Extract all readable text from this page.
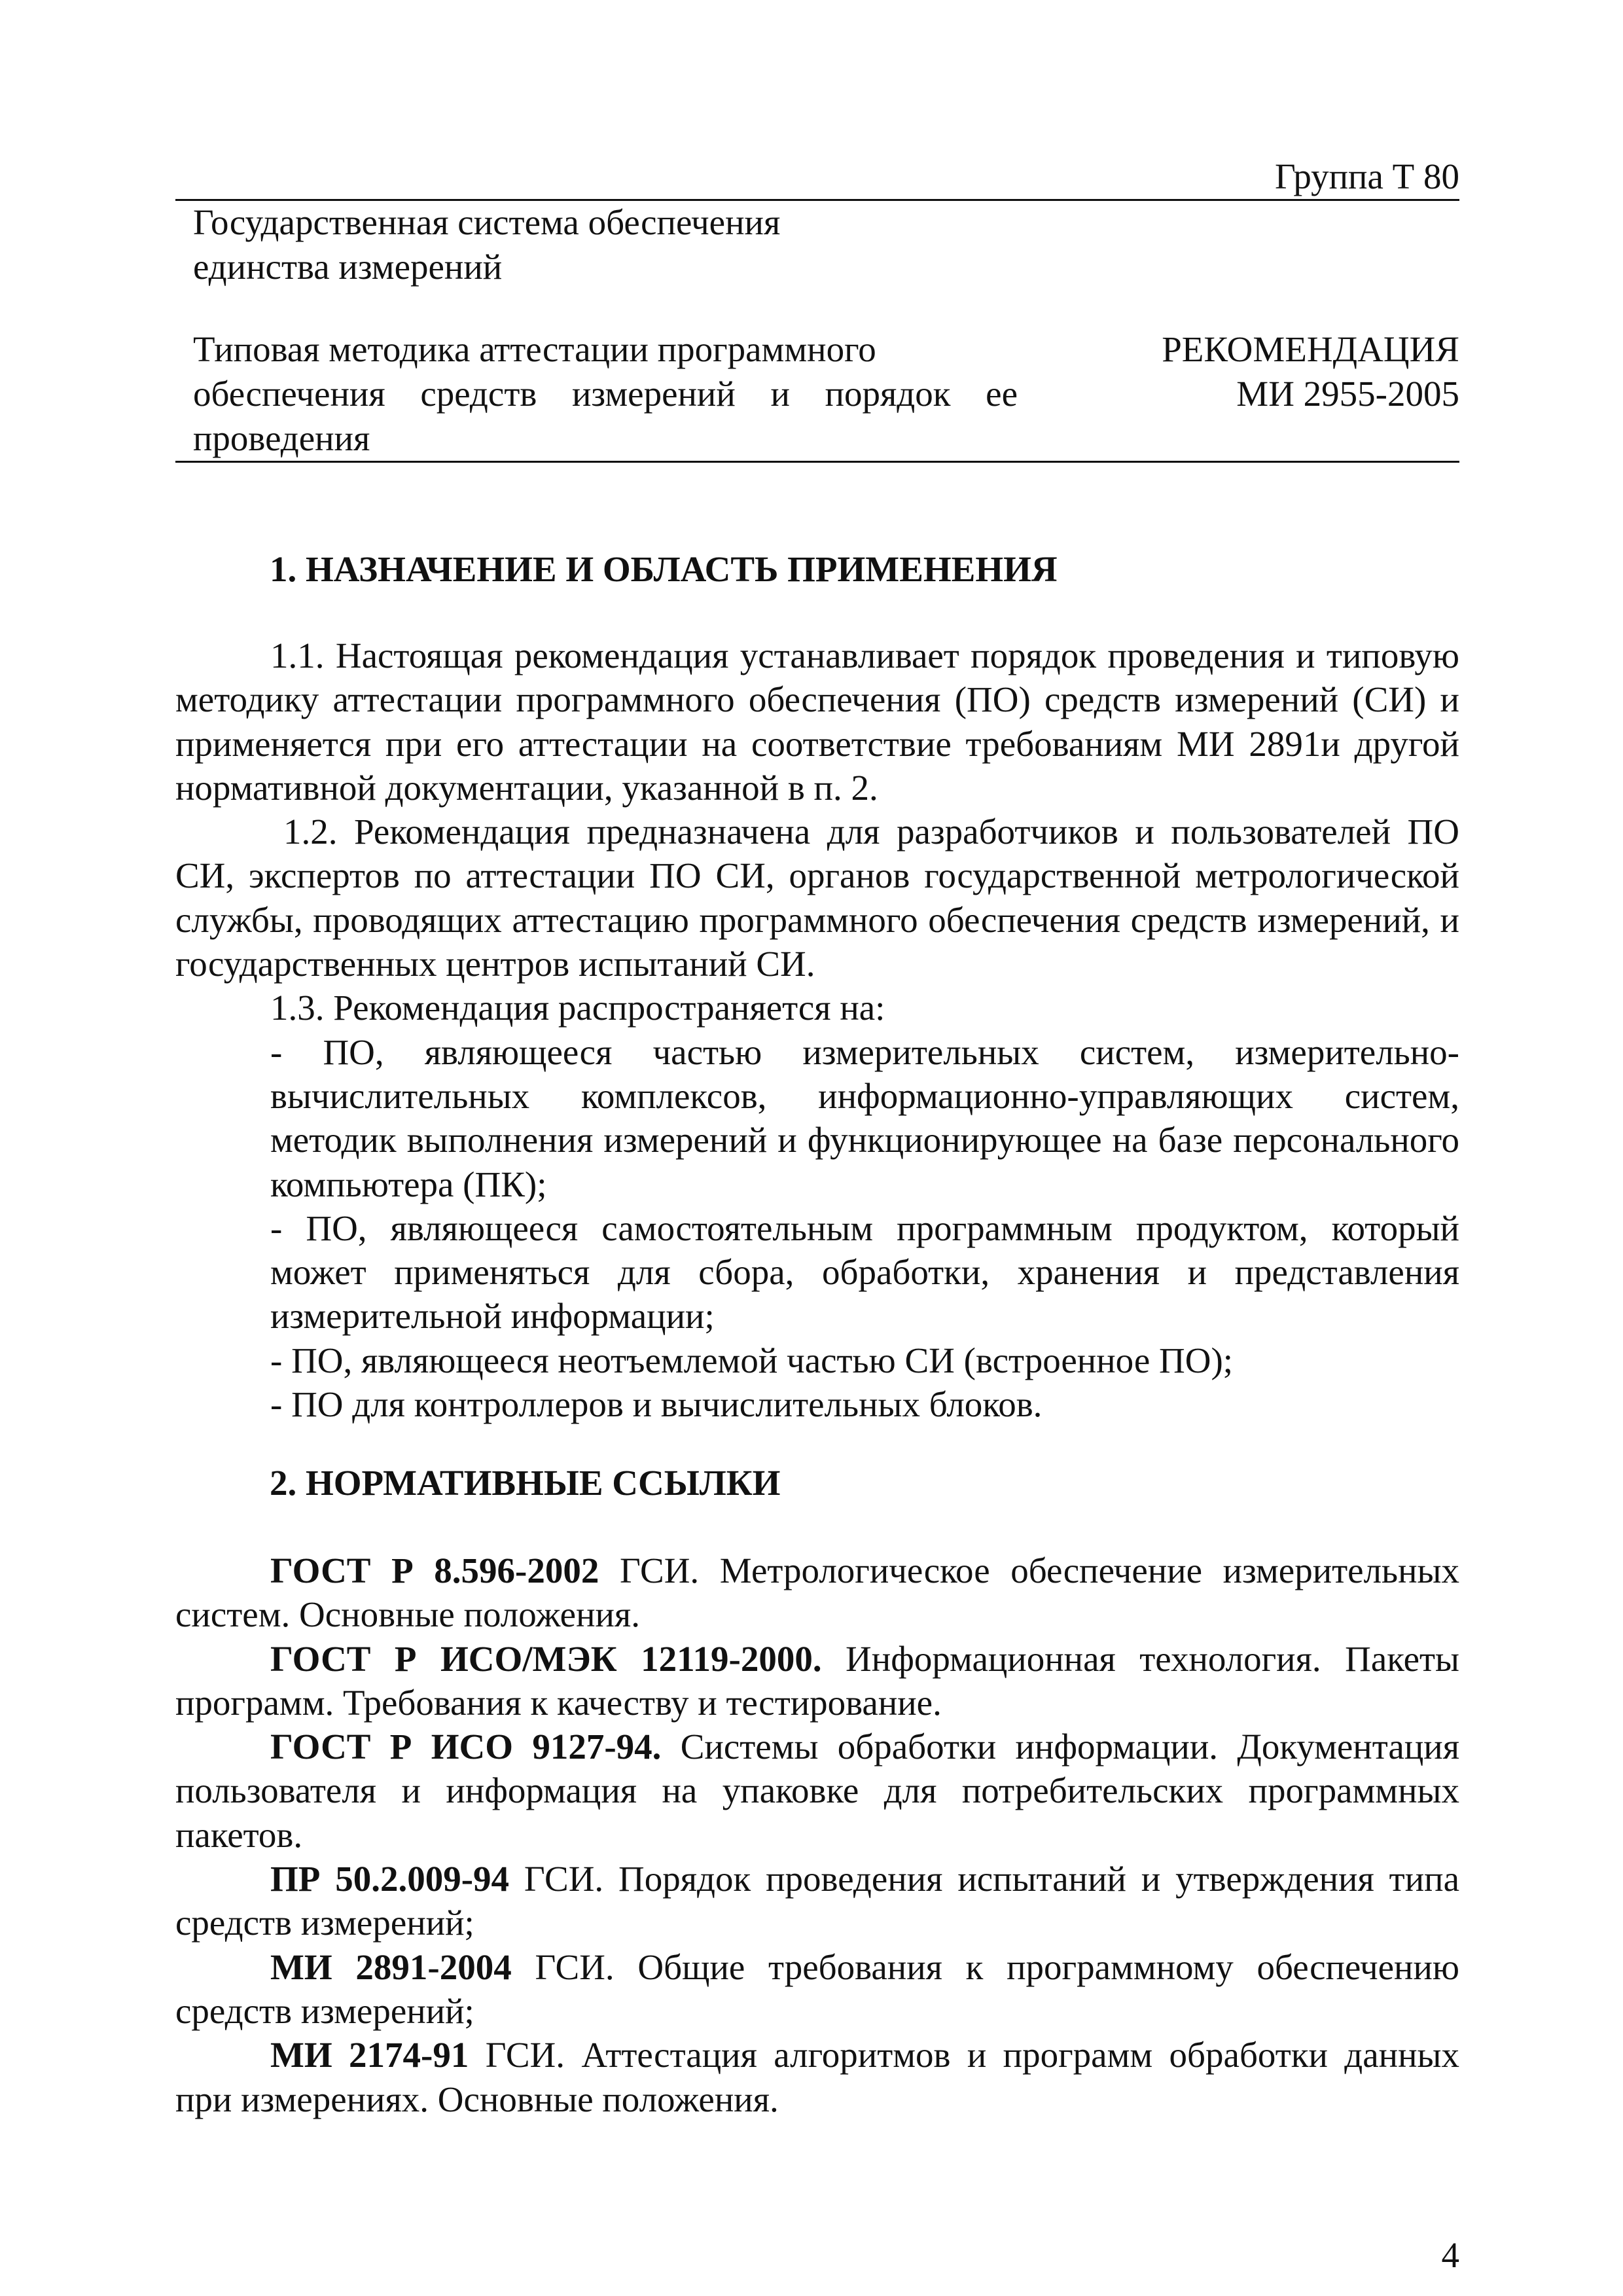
Группа Т 80
Государственная система обеспечения
единства измерений
Типовая методика аттестации программного
обеспечения средств измерений и порядок ее
проведения
РЕКОМЕНДАЦИЯ
МИ 2955-2005
1. НАЗНАЧЕНИЕ И ОБЛАСТЬ ПРИМЕНЕНИЯ

1.1. Настоящая рекомендация устанавливает порядок проведения и типовую методику аттестации программного обеспечения (ПО) средств измерений (СИ) и применяется при его аттестации на соответствие требованиям МИ 2891и другой нормативной документации, указанной в п. 2.

1.2. Рекомендация предназначена для разработчиков и пользователей ПО СИ, экспертов по аттестации ПО СИ, органов государственной метрологической службы, проводящих аттестацию программного обеспечения средств измерений, и государственных центров испытаний СИ.

1.3. Рекомендация распространяется на:

- ПО, являющееся частью измерительных систем, измерительно-вычислительных комплексов, информационно-управляющих систем, методик выполнения измерений и функционирующее на базе персонального компьютера (ПК);

- ПО, являющееся самостоятельным программным продуктом, который может применяться для сбора, обработки, хранения и представления измерительной информации;

- ПО, являющееся неотъемлемой частью СИ (встроенное ПО);

- ПО для контроллеров и вычислительных блоков.

2. НОРМАТИВНЫЕ ССЫЛКИ

ГОСТ Р 8.596-2002 ГСИ. Метрологическое обеспечение измерительных систем. Основные положения.

ГОСТ Р ИСО/МЭК 12119-2000. Информационная технология. Пакеты программ. Требования к качеству и тестирование.

ГОСТ Р ИСО 9127-94. Системы обработки информации. Документация пользователя и информация на упаковке для потребительских программных пакетов.

ПР 50.2.009-94 ГСИ. Порядок проведения испытаний и утверждения типа средств измерений;

МИ 2891-2004 ГСИ. Общие требования к программному обеспечению средств измерений;

МИ 2174-91 ГСИ. Аттестация алгоритмов и программ обработки данных при измерениях. Основные положения.

4
